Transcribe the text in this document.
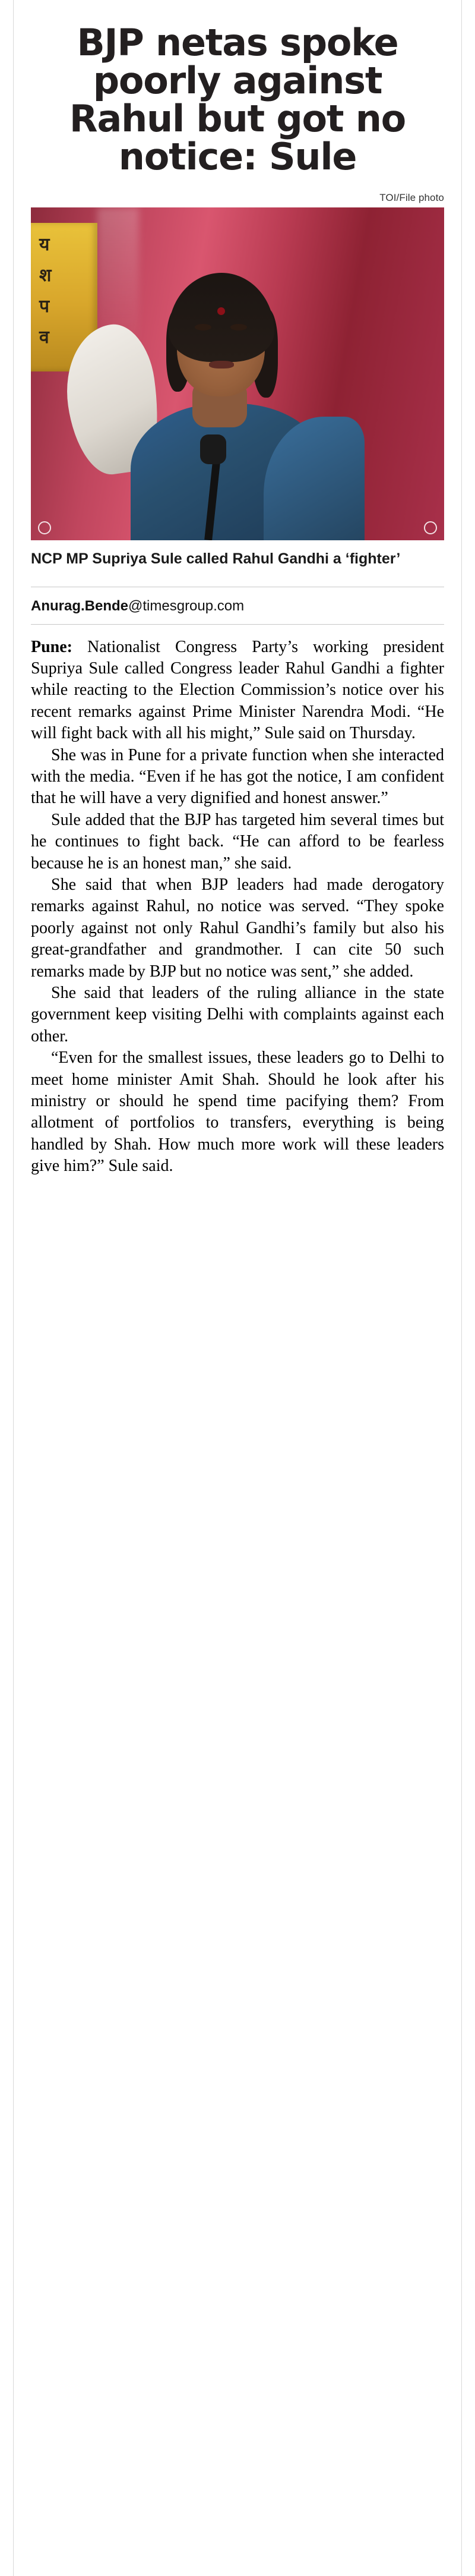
BJP netas spoke poorly against Rahul but got no notice: Sule
TOI/File photo
य
श
प
व

NCP MP Supriya Sule called Rahul Gandhi a ‘fighter’

Anurag.Bende@timesgroup.com

Pune: Nationalist Congress Party’s working president Supriya Sule called Congress leader Rahul Gandhi a fighter while reacting to the Election Commission’s notice over his recent remarks against Prime Minister Narendra Modi. “He will fight back with all his might,” Sule said on Thursday.

She was in Pune for a private function when she interacted with the media. “Even if he has got the notice, I am confident that he will have a very dignified and honest answer.”

Sule added that the BJP has targeted him several times but he continues to fight back. “He can afford to be fearless because he is an honest man,” she said.

She said that when BJP leaders had made derogatory remarks against Rahul, no notice was served. “They spoke poorly against not only Rahul Gandhi’s family but also his great-grandfather and grandmother. I can cite 50 such remarks made by BJP but no notice was sent,” she added.

She said that leaders of the ruling alliance in the state government keep visiting Delhi with complaints against each other.

“Even for the smallest issues, these leaders go to Delhi to meet home minister Amit Shah. Should he look after his ministry or should he spend time pacifying them? From allotment of portfolios to transfers, everything is being handled by Shah. How much more work will these leaders give him?” Sule said.
